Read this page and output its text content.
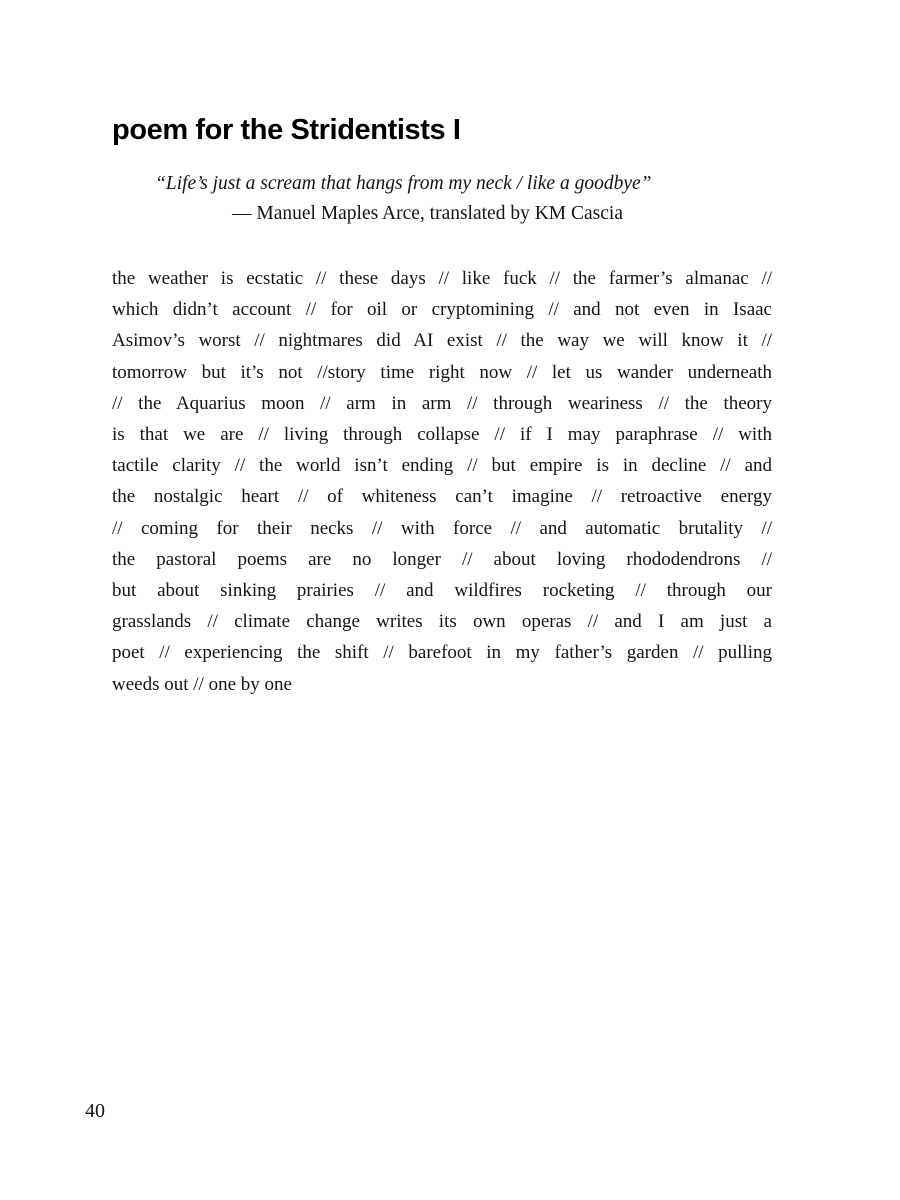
poem for the Stridentists I
“Life’s just a scream that hangs from my neck / like a goodbye”
— Manuel Maples Arce, translated by KM Cascia
the weather is ecstatic // these days // like fuck // the farmer’s almanac //
which didn’t account // for oil or cryptomining // and not even in Isaac
Asimov’s worst // nightmares did AI exist // the way we will know it //
tomorrow but it’s not //story time right now // let us wander underneath
// the Aquarius moon // arm in arm // through weariness // the theory
is that we are // living through collapse // if I may paraphrase // with
tactile clarity // the world isn’t ending // but empire is in decline // and
the nostalgic heart // of whiteness can’t imagine // retroactive energy
// coming for their necks // with force // and automatic brutality //
the pastoral poems are no longer // about loving rhododendrons //
but about sinking prairies // and wildfires rocketing // through our
grasslands // climate change writes its own operas // and I am just a
poet // experiencing the shift // barefoot in my father’s garden // pulling
weeds out // one by one
40
